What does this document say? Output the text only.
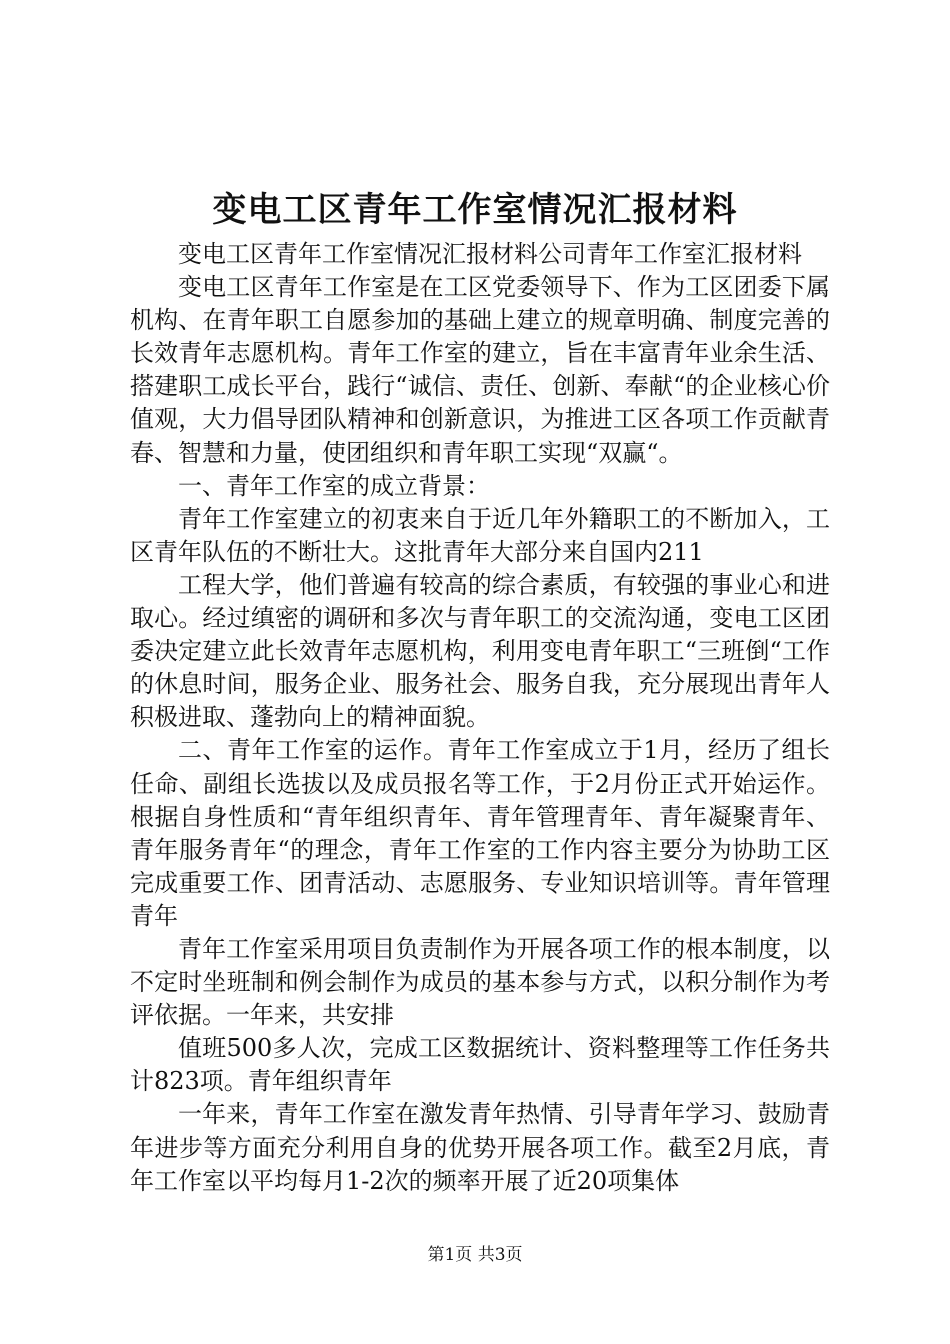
变电工区青年工作室情况汇报材料

变电工区青年工作室情况汇报材料公司青年工作室汇报材料

变电工区青年工作室是在工区党委领导下、作为工区团委下属机构、在青年职工自愿参加的基础上建立的规章明确、制度完善的长效青年志愿机构。青年工作室的建立，旨在丰富青年业余生活、搭建职工成长平台，践行“诚信、责任、创新、奉献“的企业核心价值观，大力倡导团队精神和创新意识，为推进工区各项工作贡献青春、智慧和力量，使团组织和青年职工实现“双赢“。

一、青年工作室的成立背景：

青年工作室建立的初衷来自于近几年外籍职工的不断加入，工区青年队伍的不断壮大。这批青年大部分来自国内211

工程大学，他们普遍有较高的综合素质，有较强的事业心和进取心。经过缜密的调研和多次与青年职工的交流沟通，变电工区团委决定建立此长效青年志愿机构，利用变电青年职工“三班倒“工作的休息时间，服务企业、服务社会、服务自我，充分展现出青年人积极进取、蓬勃向上的精神面貌。

二、青年工作室的运作。青年工作室成立于1月，经历了组长任命、副组长选拔以及成员报名等工作，于2月份正式开始运作。根据自身性质和“青年组织青年、青年管理青年、青年凝聚青年、青年服务青年“的理念，青年工作室的工作内容主要分为协助工区完成重要工作、团青活动、志愿服务、专业知识培训等。青年管理青年

青年工作室采用项目负责制作为开展各项工作的根本制度，以不定时坐班制和例会制作为成员的基本参与方式，以积分制作为考评依据。一年来，共安排

值班500多人次，完成工区数据统计、资料整理等工作任务共计823项。青年组织青年

一年来，青年工作室在激发青年热情、引导青年学习、鼓励青年进步等方面充分利用自身的优势开展各项工作。截至2月底，青年工作室以平均每月1-2次的频率开展了近20项集体

第1页 共3页
